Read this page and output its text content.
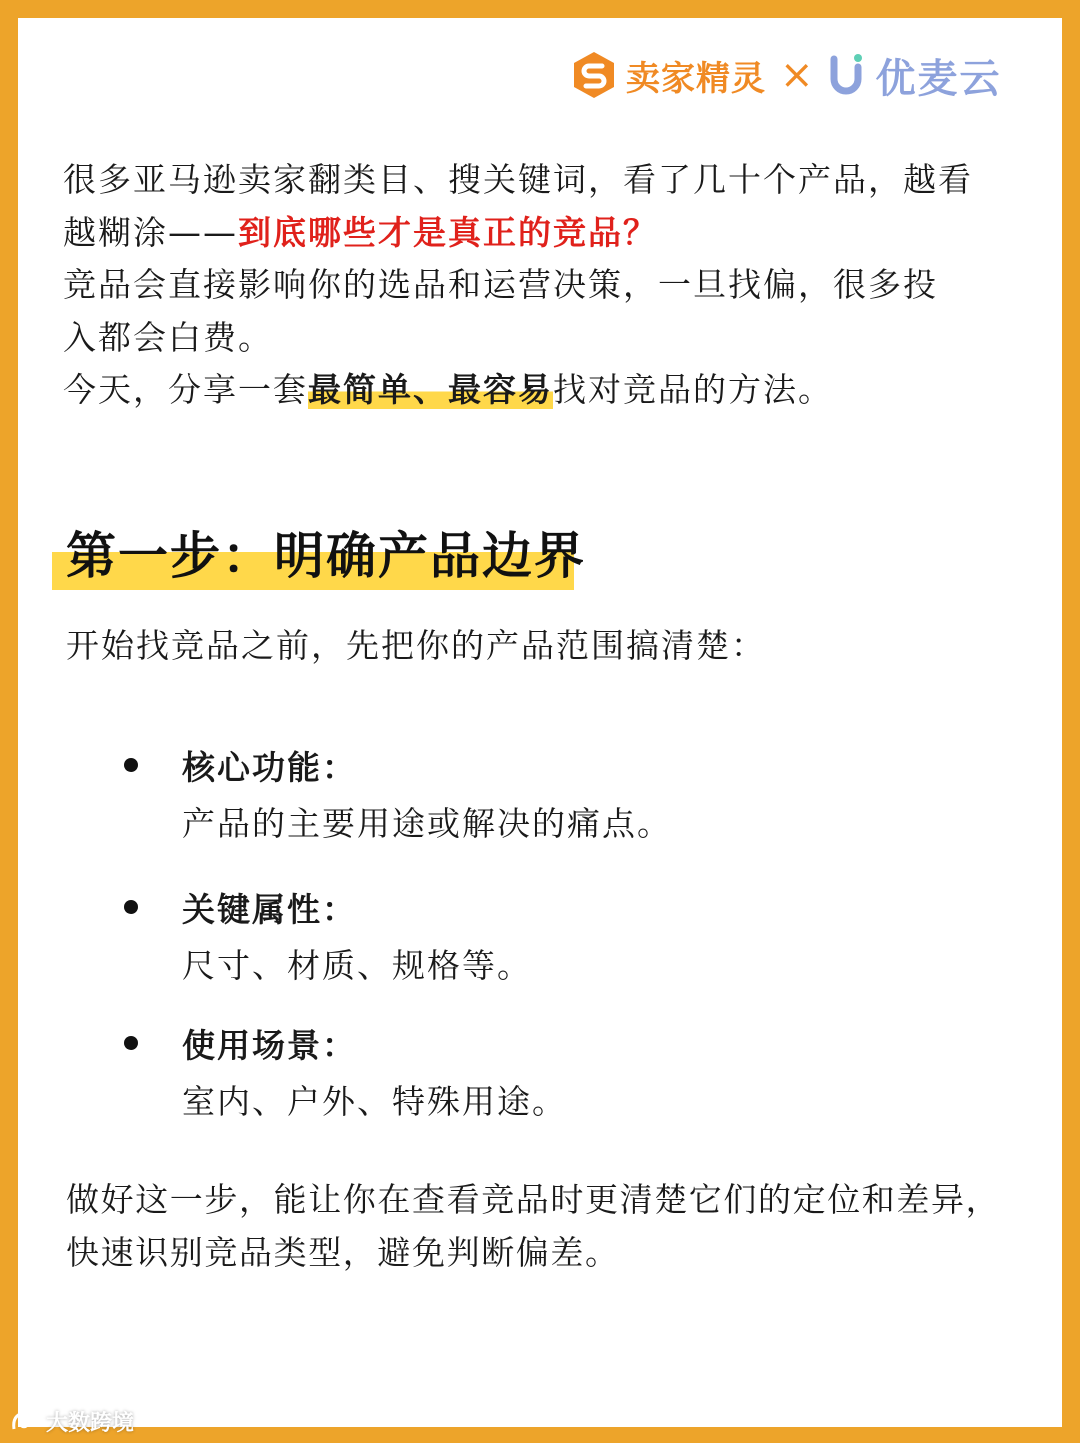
卖家精灵 × 优麦云

很多亚马逊卖家翻类目、搜关键词，看了几十个产品，越看
越糊涂——到底哪些才是真正的竞品？
竞品会直接影响你的选品和运营决策，一旦找偏，很多投
入都会白费。
今天，分享一套最简单、最容易找对竞品的方法。

第一步：明确产品边界

开始找竞品之前，先把你的产品范围搞清楚：

核心功能：
产品的主要用途或解决的痛点。
关键属性：
尺寸、材质、规格等。
使用场景：
室内、户外、特殊用途。

做好这一步，能让你在查看竞品时更清楚它们的定位和差异，
快速识别竞品类型，避免判断偏差。

大数跨境
